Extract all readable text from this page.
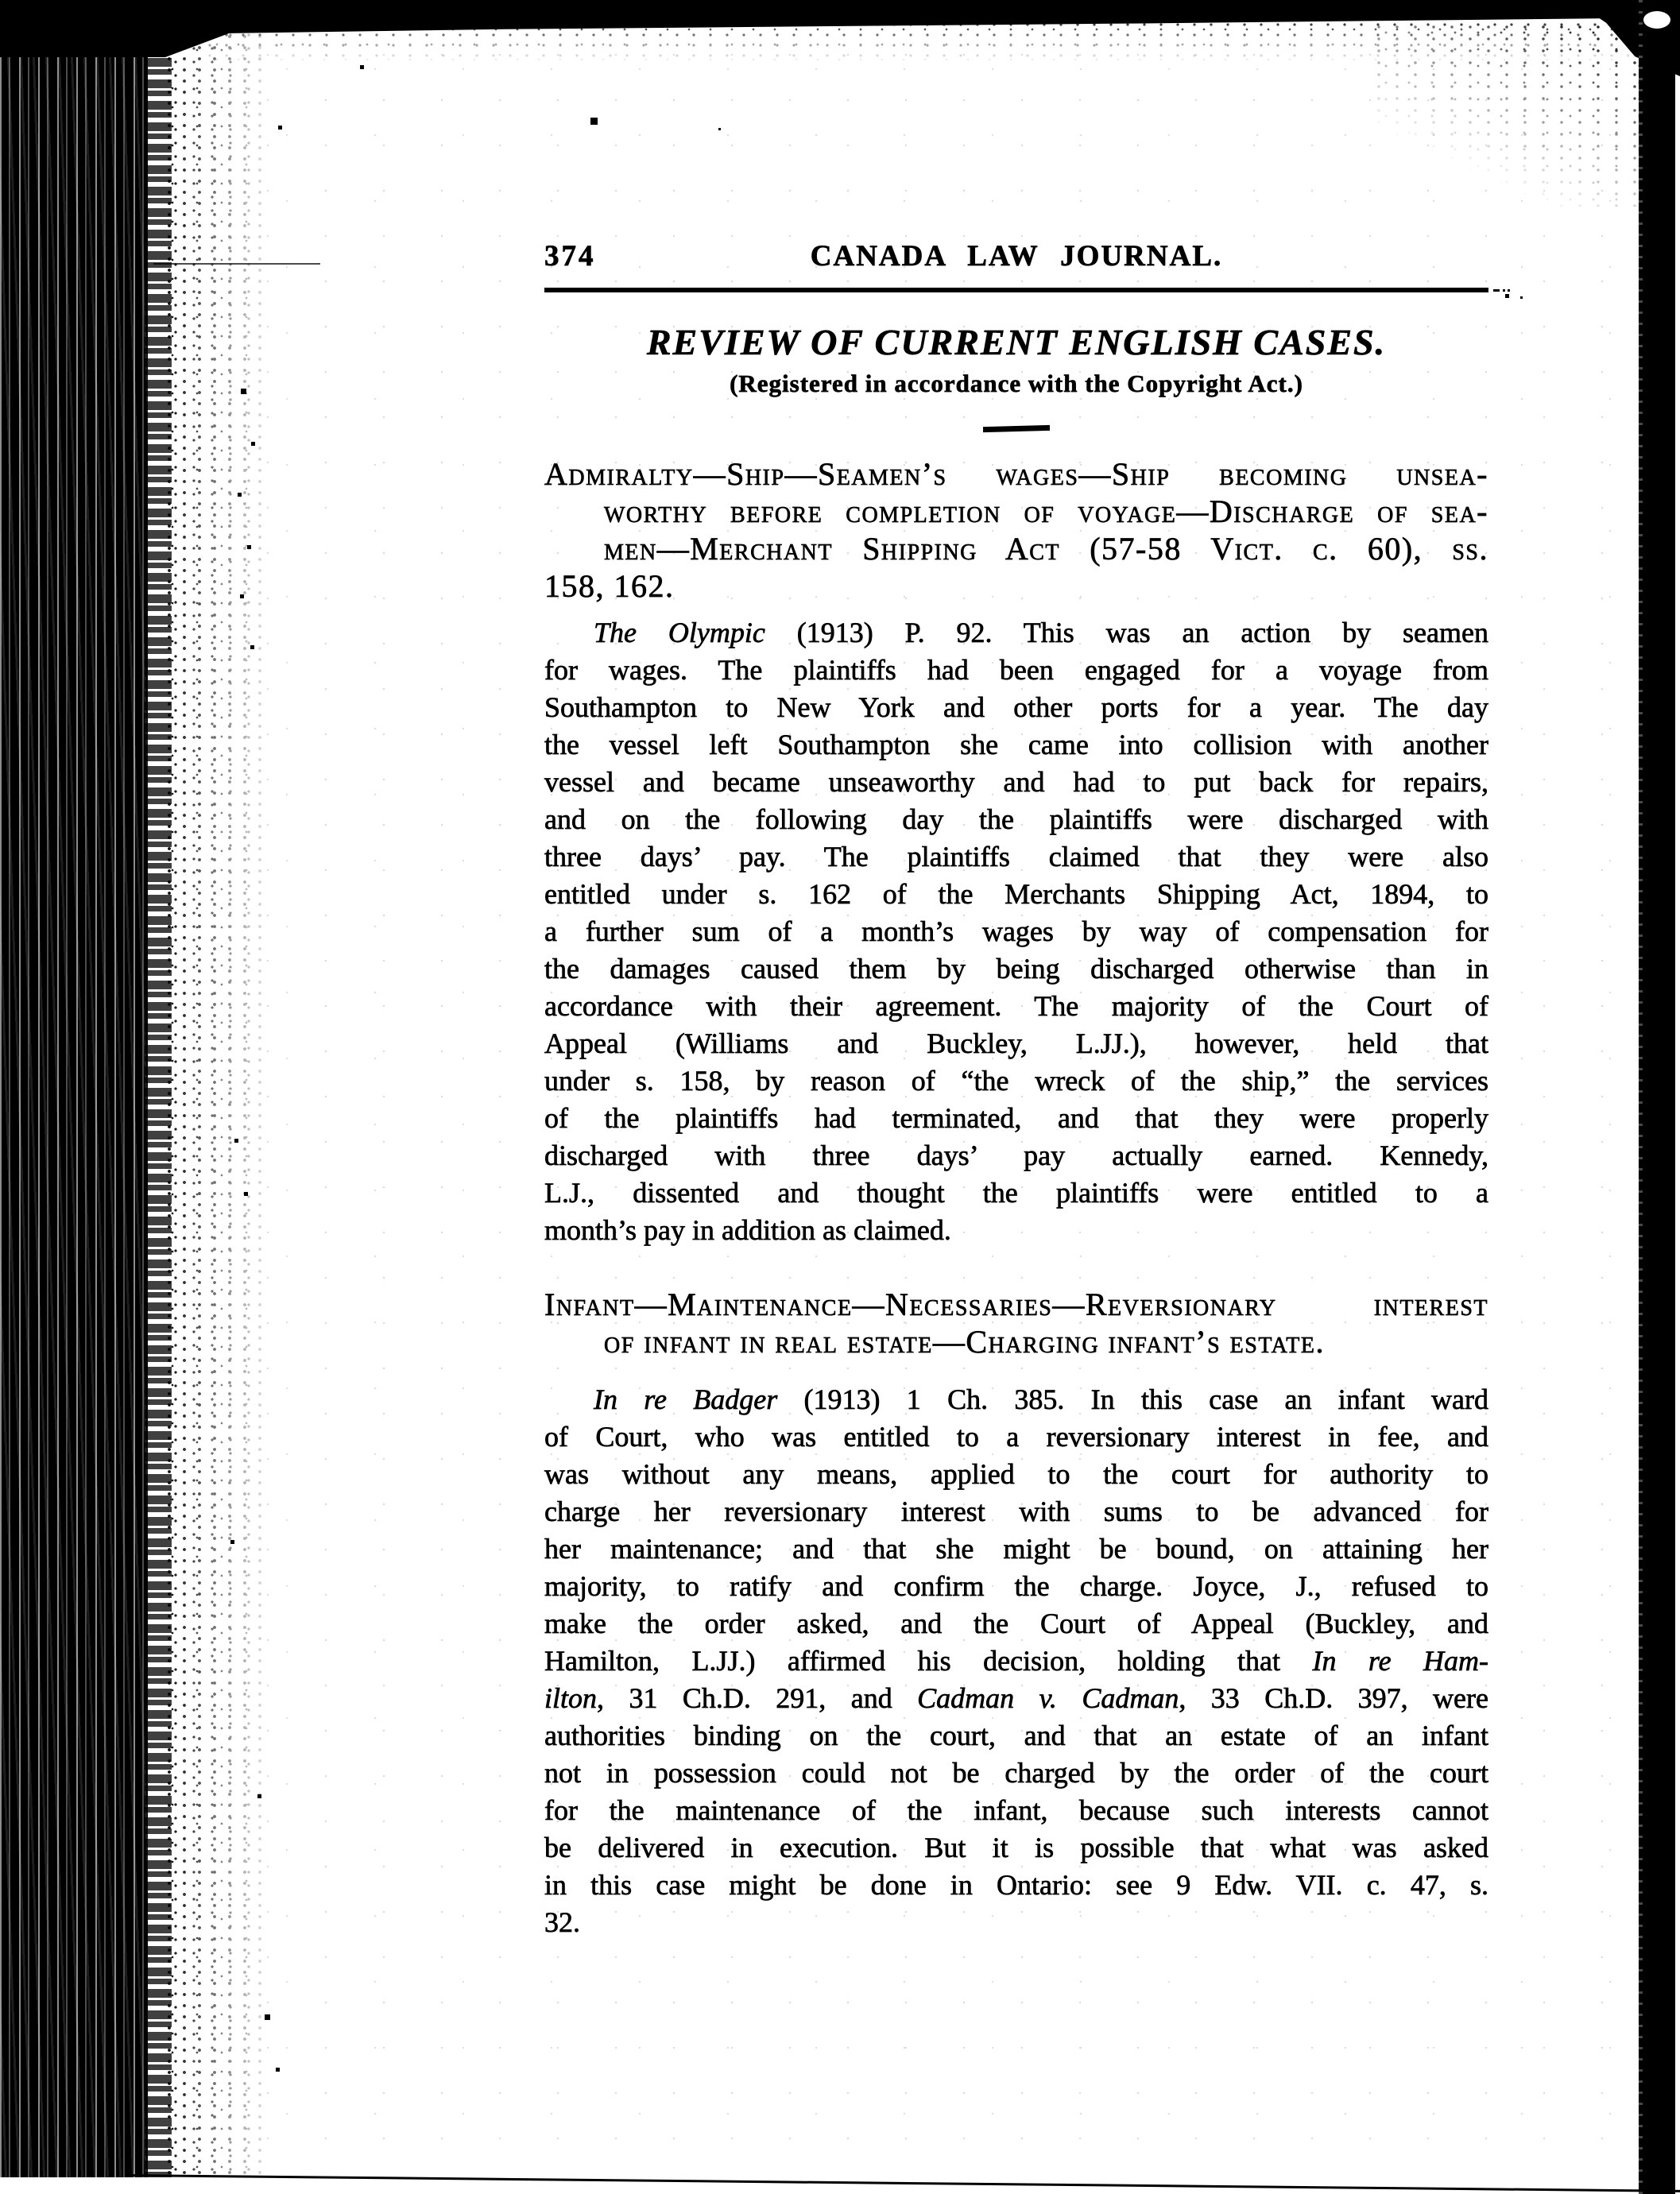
374	CANADA LAW JOURNAL.
REVIEW OF CURRENT ENGLISH CASES.
(Registered in accordance with the Copyright Act.)
Admiralty—Ship—Seamen’s wages—Ship becoming unsea-
worthy before completion of voyage—Discharge of sea-
men—Merchant Shipping Act (57-58 Vict. c. 60), ss.
158, 162.
The Olympic (1913) P. 92. This was an action by seamen
for wages. The plaintiffs had been engaged for a voyage from
Southampton to New York and other ports for a year. The day
the vessel left Southampton she came into collision with another
vessel and became unseaworthy and had to put back for repairs,
and on the following day the plaintiffs were discharged with
three days’ pay. The plaintiffs claimed that they were also
entitled under s. 162 of the Merchants Shipping Act, 1894, to
a further sum of a month’s wages by way of compensation for
the damages caused them by being discharged otherwise than in
accordance with their agreement. The majority of the Court of
Appeal (Williams and Buckley, L.JJ.), however, held that
under s. 158, by reason of “the wreck of the ship,” the services
of the plaintiffs had terminated, and that they were properly
discharged with three days’ pay actually earned. Kennedy,
L.J., dissented and thought the plaintiffs were entitled to a
month’s pay in addition as claimed.
Infant—Maintenance—Necessaries—Reversionary interest
of infant in real estate—Charging infant’s estate.
In re Badger (1913) 1 Ch. 385. In this case an infant ward
of Court, who was entitled to a reversionary interest in fee, and
was without any means, applied to the court for authority to
charge her reversionary interest with sums to be advanced for
her maintenance; and that she might be bound, on attaining her
majority, to ratify and confirm the charge. Joyce, J., refused to
make the order asked, and the Court of Appeal (Buckley, and
Hamilton, L.JJ.) affirmed his decision, holding that In re Ham-
ilton, 31 Ch.D. 291, and Cadman v. Cadman, 33 Ch.D. 397, were
authorities binding on the court, and that an estate of an infant
not in possession could not be charged by the order of the court
for the maintenance of the infant, because such interests cannot
be delivered in execution. But it is possible that what was asked
in this case might be done in Ontario: see 9 Edw. VII. c. 47, s.
32.
